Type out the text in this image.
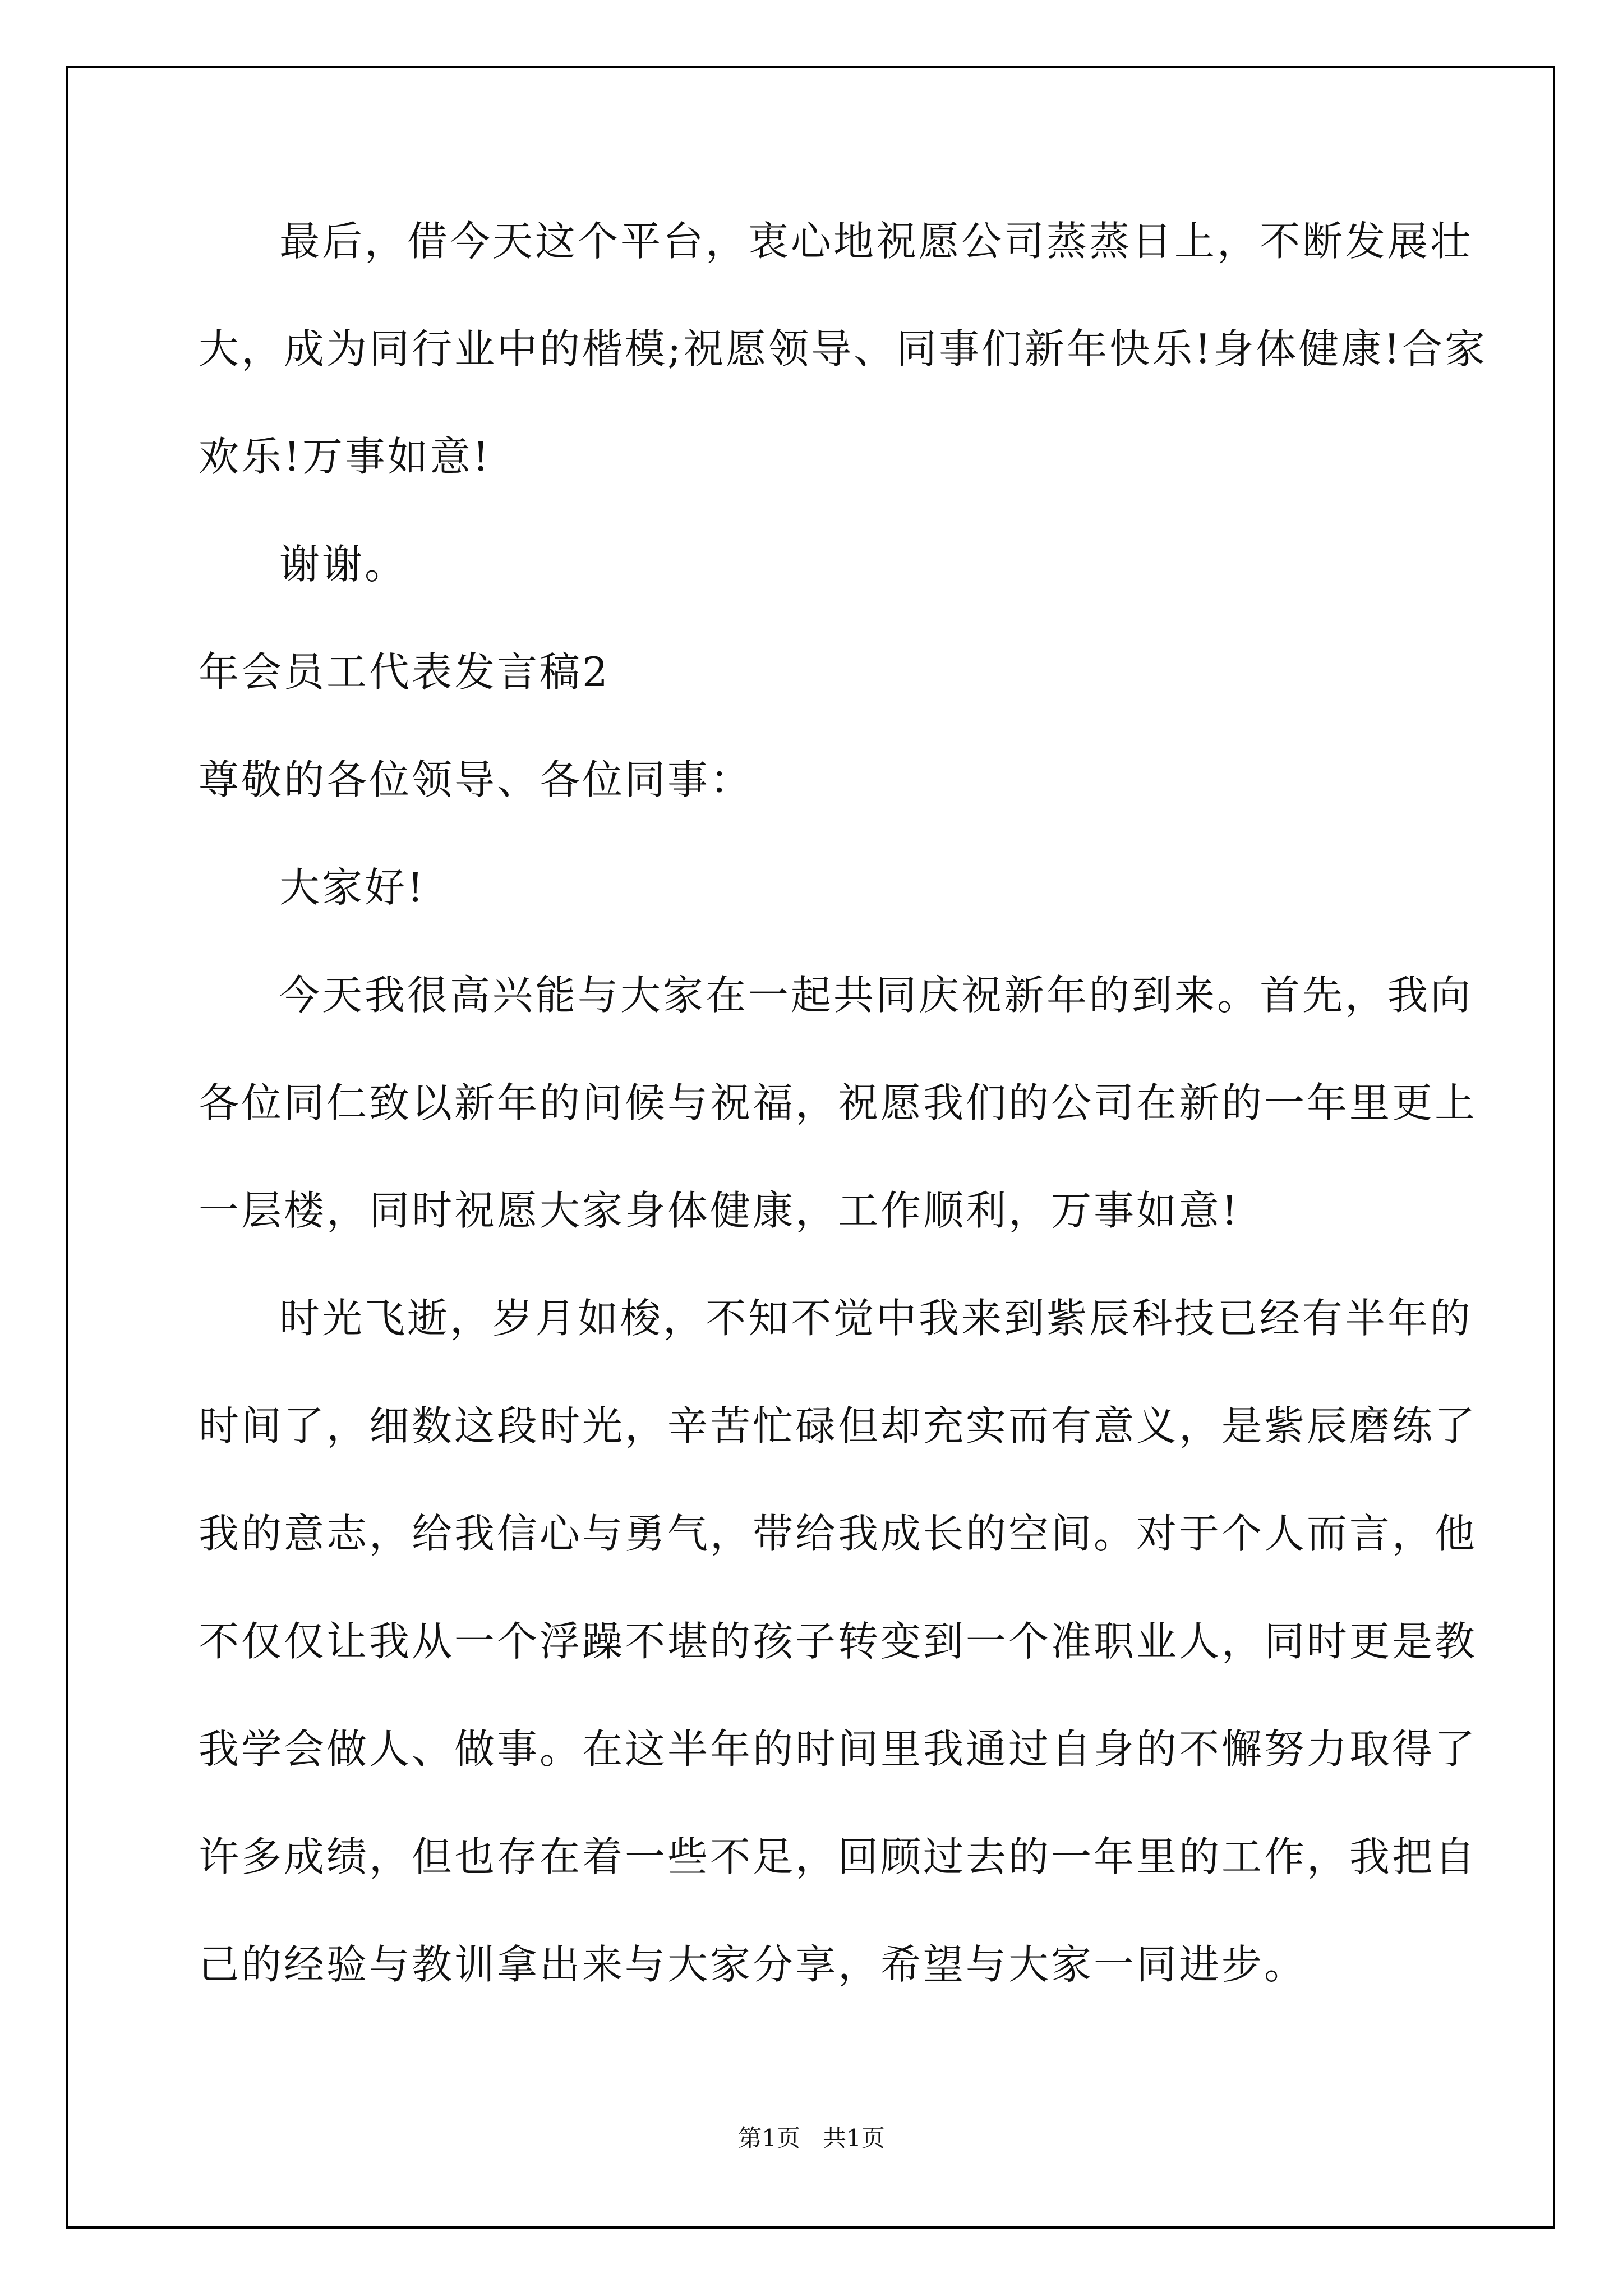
最后，借今天这个平台，衷心地祝愿公司蒸蒸日上，不断发展壮
大，成为同行业中的楷模;祝愿领导、同事们新年快乐!身体健康!合家
欢乐!万事如意!
谢谢。
年会员工代表发言稿2
尊敬的各位领导、各位同事：
大家好!
今天我很高兴能与大家在一起共同庆祝新年的到来。首先，我向
各位同仁致以新年的问候与祝福，祝愿我们的公司在新的一年里更上
一层楼，同时祝愿大家身体健康，工作顺利，万事如意!
时光飞逝，岁月如梭，不知不觉中我来到紫辰科技已经有半年的
时间了，细数这段时光，辛苦忙碌但却充实而有意义，是紫辰磨练了
我的意志，给我信心与勇气，带给我成长的空间。对于个人而言，他
不仅仅让我从一个浮躁不堪的孩子转变到一个准职业人，同时更是教
我学会做人、做事。在这半年的时间里我通过自身的不懈努力取得了
许多成绩，但也存在着一些不足，回顾过去的一年里的工作，我把自
己的经验与教训拿出来与大家分享，希望与大家一同进步。
第1页   共1页
